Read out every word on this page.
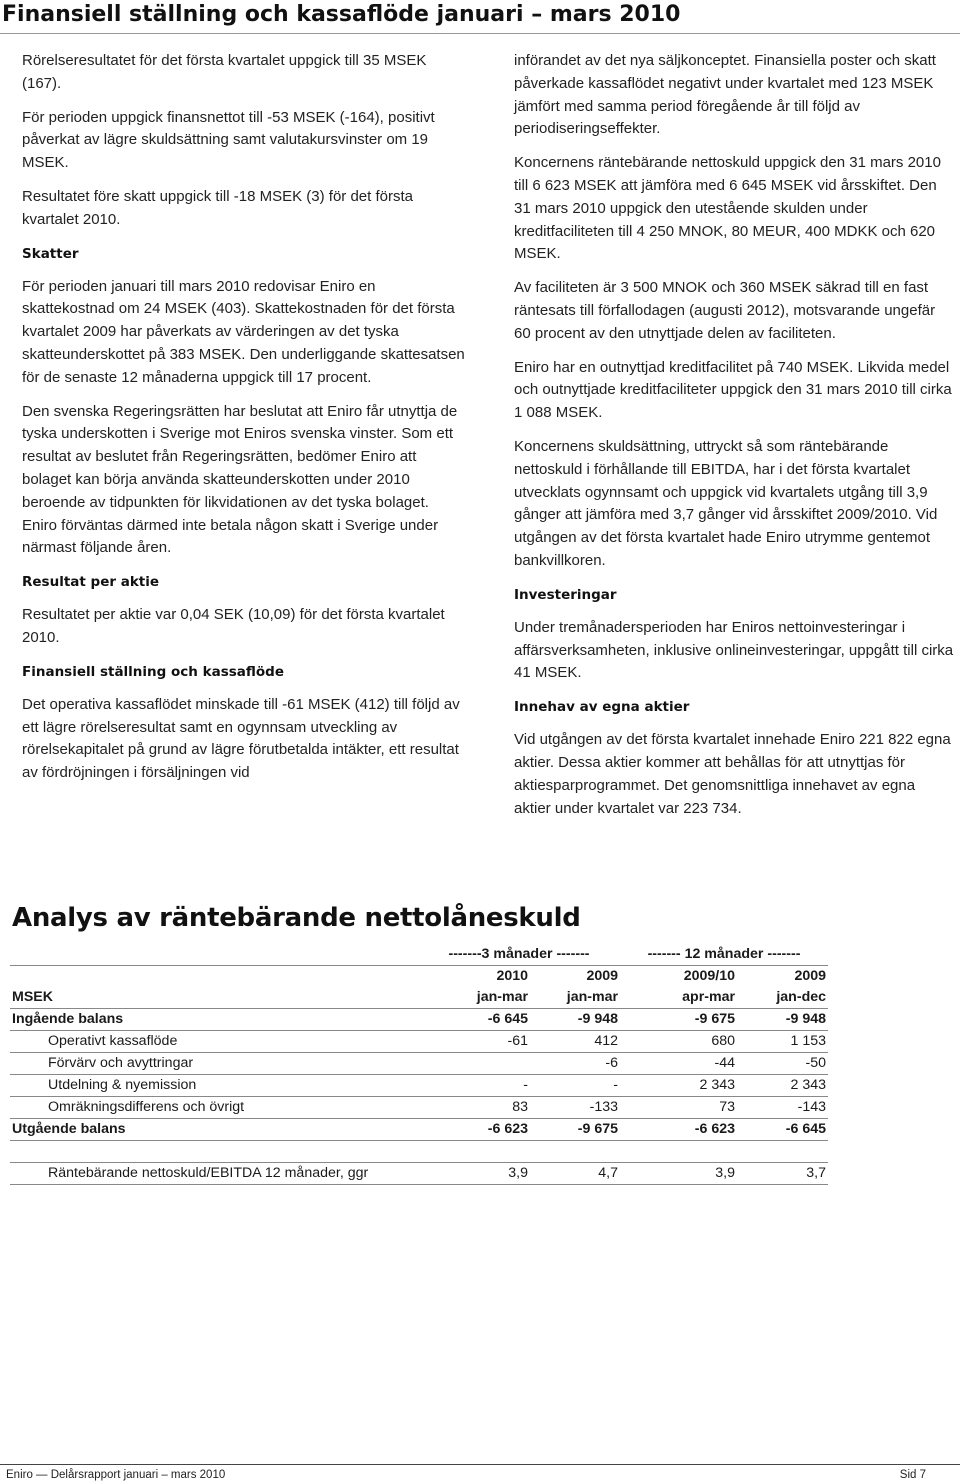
Finansiell ställning och kassaflöde januari – mars 2010

Rörelseresultatet för det första kvartalet uppgick till 35 MSEK (167).

För perioden uppgick finansnettot till -53 MSEK (-164), positivt påverkat av lägre skuldsättning samt valutakursvinster om 19 MSEK.

Resultatet före skatt uppgick till -18 MSEK (3) för det första kvartalet 2010.

Skatter

För perioden januari till mars 2010 redovisar Eniro en skattekostnad om 24 MSEK (403). Skattekostnaden för det första kvartalet 2009 har påverkats av värderingen av det tyska skatteunderskottet på 383 MSEK. Den underliggande skattesatsen för de senaste 12 månaderna uppgick till 17 procent.

Den svenska Regeringsrätten har beslutat att Eniro får utnyttja de tyska underskotten i Sverige mot Eniros svenska vinster. Som ett resultat av beslutet från Regeringsrätten, bedömer Eniro att bolaget kan börja använda skatteunderskotten under 2010 beroende av tidpunkten för likvidationen av det tyska bolaget. Eniro förväntas därmed inte betala någon skatt i Sverige under närmast följande åren.

Resultat per aktie

Resultatet per aktie var 0,04 SEK (10,09) för det första kvartalet 2010.

Finansiell ställning och kassaflöde

Det operativa kassaflödet minskade till -61 MSEK (412) till följd av ett lägre rörelseresultat samt en ogynnsam utveckling av rörelsekapitalet på grund av lägre förutbetalda intäkter, ett resultat av fördröjningen i försäljningen vid

införandet av det nya säljkonceptet. Finansiella poster och skatt påverkade kassaflödet negativt under kvartalet med 123 MSEK jämfört med samma period föregående år till följd av periodiseringseffekter.

Koncernens räntebärande nettoskuld uppgick den 31 mars 2010 till 6 623 MSEK att jämföra med 6 645 MSEK vid årsskiftet. Den 31 mars 2010 uppgick den utestående skulden under kreditfaciliteten till 4 250 MNOK, 80 MEUR, 400 MDKK och 620 MSEK.

Av faciliteten är 3 500 MNOK och 360 MSEK säkrad till en fast räntesats till förfallodagen (augusti 2012), motsvarande ungefär 60 procent av den utnyttjade delen av faciliteten.

Eniro har en outnyttjad kreditfacilitet på 740 MSEK. Likvida medel och outnyttjade kreditfaciliteter uppgick den 31 mars 2010 till cirka 1 088 MSEK.

Koncernens skuldsättning, uttryckt så som räntebärande nettoskuld i förhållande till EBITDA, har i det första kvartalet utvecklats ogynnsamt och uppgick vid kvartalets utgång till 3,9 gånger att jämföra med 3,7 gånger vid årsskiftet 2009/2010. Vid utgången av det första kvartalet hade Eniro utrymme gentemot bankvillkoren.

Investeringar

Under tremånadersperioden har Eniros nettoinvesteringar i affärsverksamheten, inklusive onlineinvesteringar, uppgått till cirka 41 MSEK.

Innehav av egna aktier

Vid utgången av det första kvartalet innehade Eniro 221 822 egna aktier. Dessa aktier kommer att behållas för att utnyttjas för aktiesparprogrammet. Det genomsnittliga innehavet av egna aktier under kvartalet var 223 734.

Analys av räntebärande nettolåneskuld
	-------3 månader -------		------- 12 månader -------	
	2010	2009	2009/10	2009
MSEK	jan-mar	jan-mar	apr-mar	jan-dec
Ingående balans	-6 645	-9 948	-9 675	-9 948
Operativt kassaflöde	-61	412	680	1 153
Förvärv och avyttringar		-6	-44	-50
Utdelning & nyemission	-	-	2 343	2 343
Omräkningsdifferens och övrigt	83	-133	73	-143
Utgående balans	-6 623	-9 675	-6 623	-6 645

Räntebärande nettoskuld/EBITDA 12 månader, ggr	3,9	4,7	3,9	3,7
Eniro — Delårsrapport januari – mars 2010	Sid 7
